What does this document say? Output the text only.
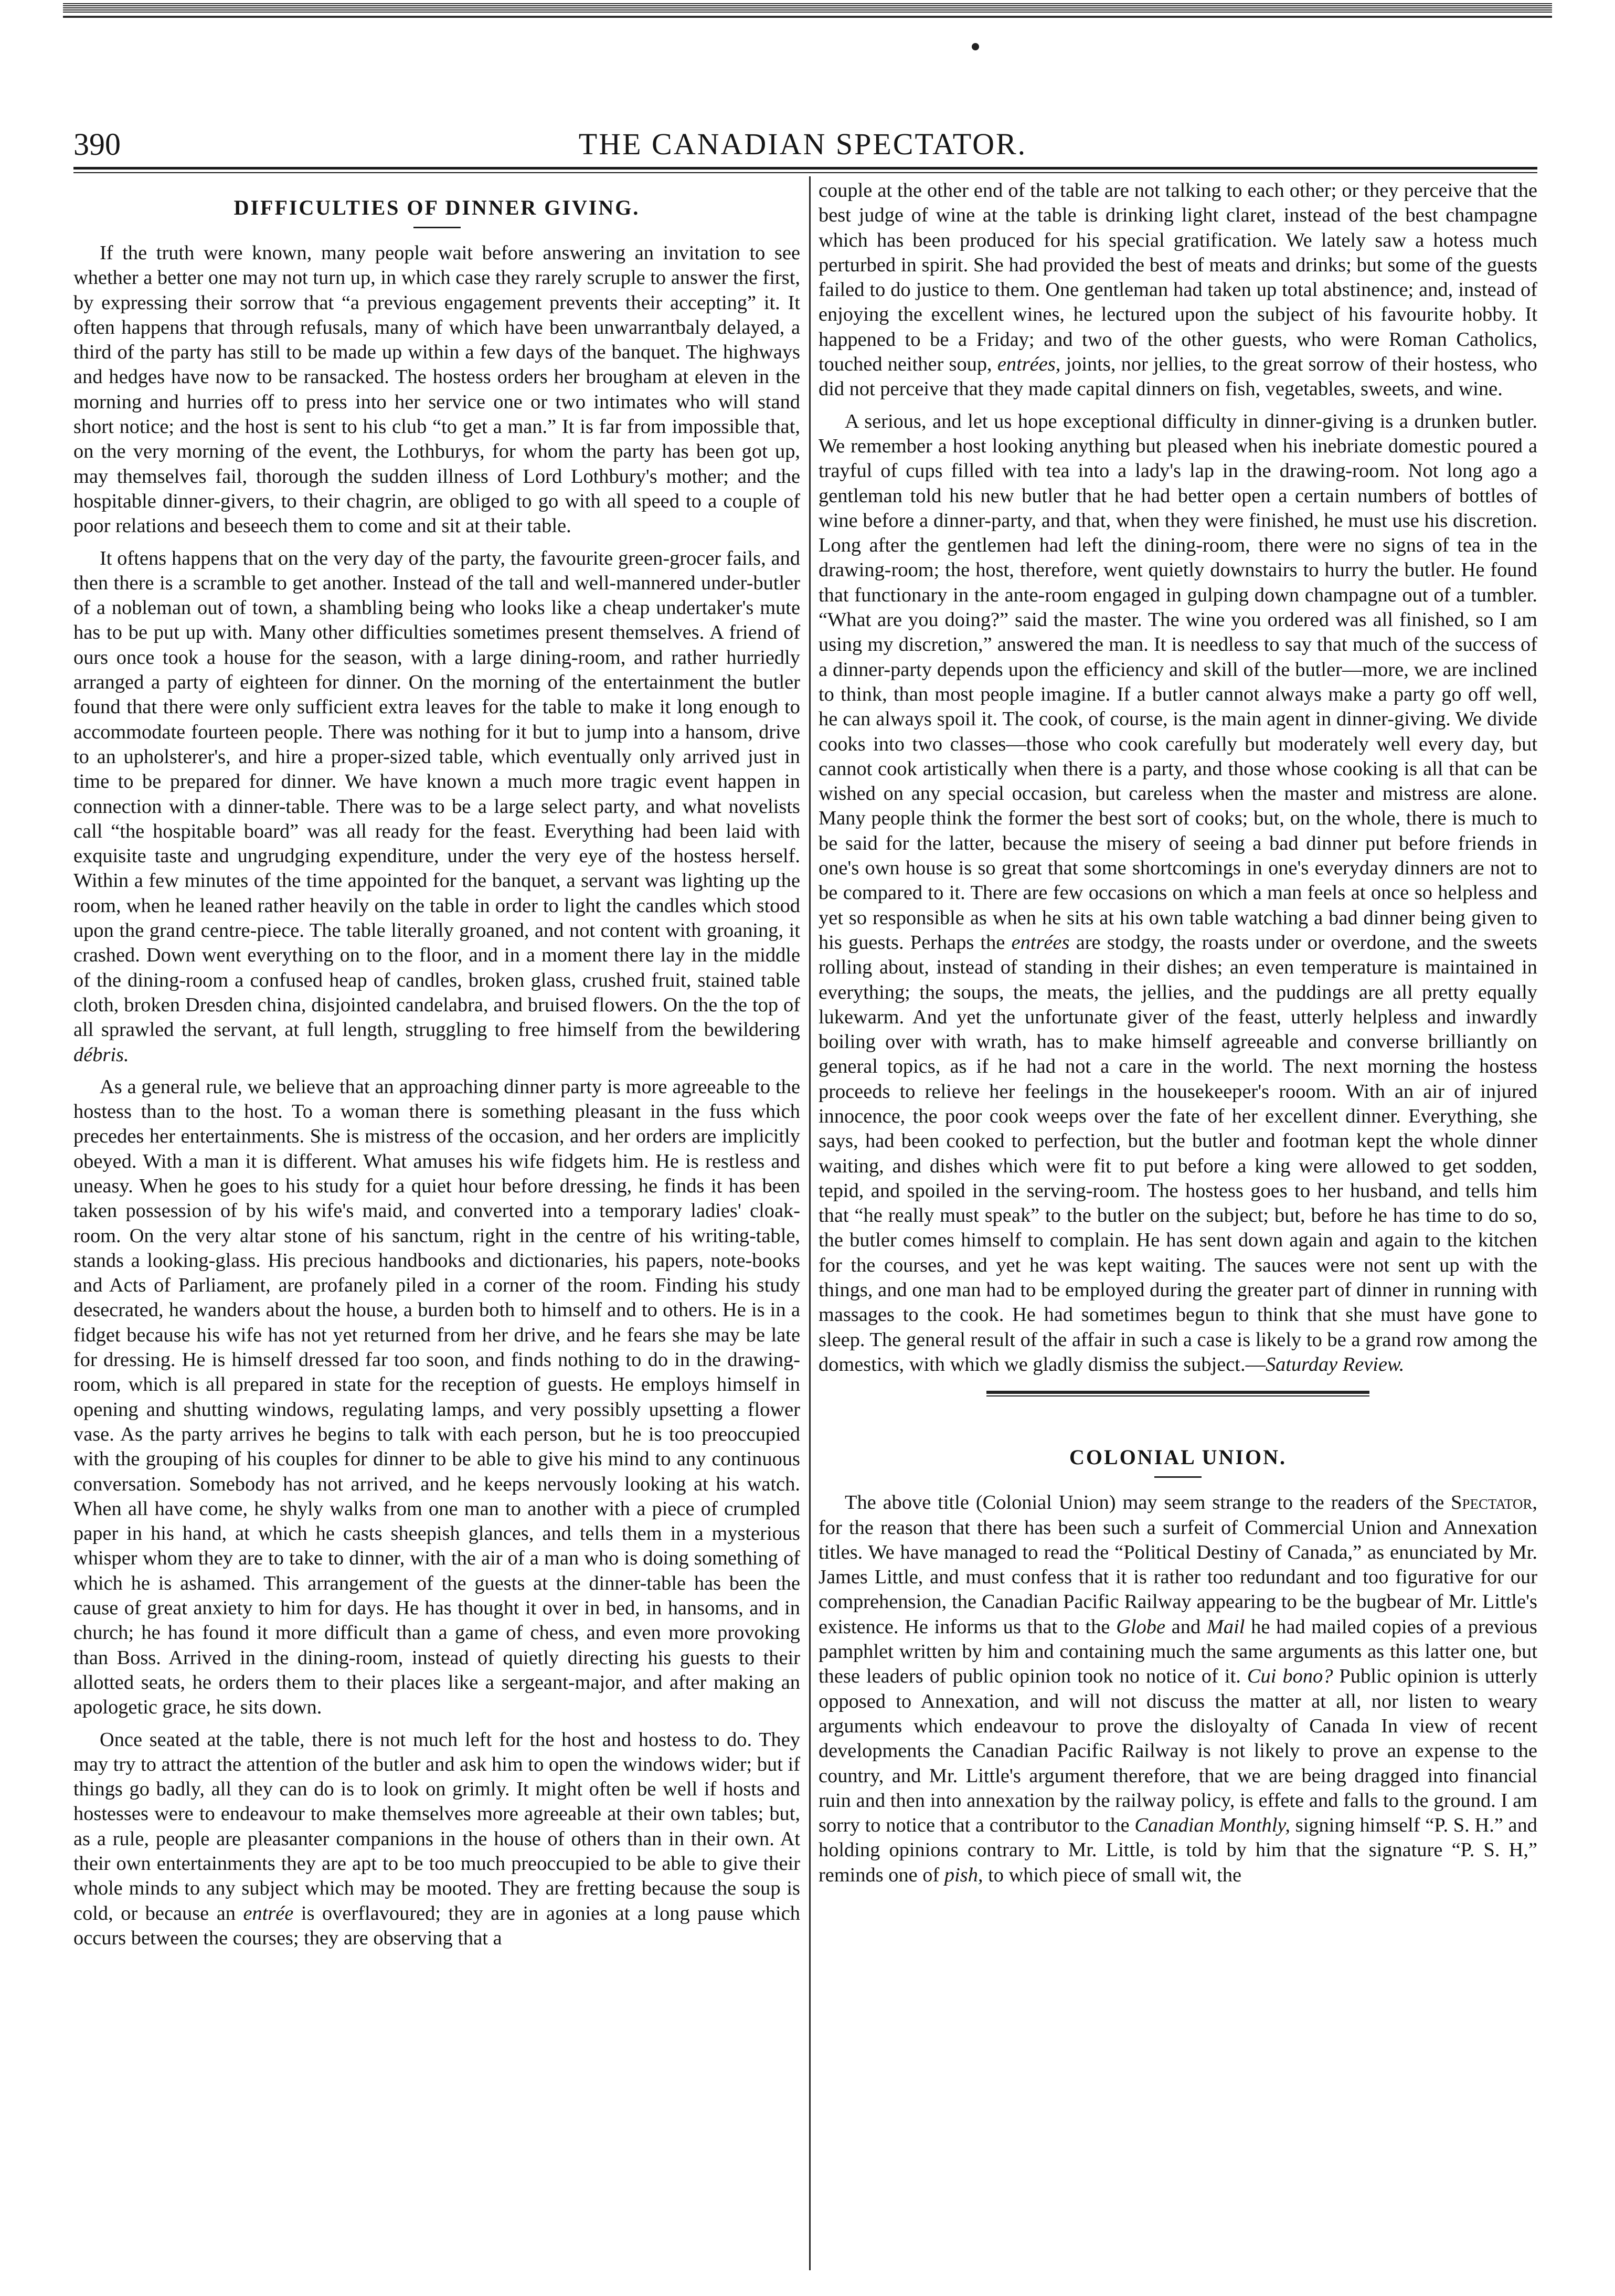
390	THE CANADIAN SPECTATOR.
DIFFICULTIES OF DINNER GIVING.

If the truth were known, many people wait before answering an invitation to see whether a better one may not turn up, in which case they rarely scruple to answer the first, by expressing their sorrow that “a previous engagement prevents their accepting” it. It often happens that through refusals, many of which have been unwarrantbaly delayed, a third of the party has still to be made up within a few days of the banquet. The highways and hedges have now to be ransacked. The hostess orders her brougham at eleven in the morning and hurries off to press into her service one or two intimates who will stand short notice; and the host is sent to his club “to get a man.” It is far from impossible that, on the very morning of the event, the Lothburys, for whom the party has been got up, may themselves fail, thorough the sudden illness of Lord Lothbury's mother; and the hospitable dinner-givers, to their chagrin, are obliged to go with all speed to a couple of poor relations and beseech them to come and sit at their table.

It oftens happens that on the very day of the party, the favourite green-grocer fails, and then there is a scramble to get another. Instead of the tall and well-mannered under-butler of a nobleman out of town, a shambling being who looks like a cheap undertaker's mute has to be put up with. Many other difficulties sometimes present themselves. A friend of ours once took a house for the season, with a large dining-room, and rather hurriedly arranged a party of eighteen for dinner. On the morning of the entertainment the butler found that there were only sufficient extra leaves for the table to make it long enough to accommodate fourteen people. There was nothing for it but to jump into a hansom, drive to an upholsterer's, and hire a proper-sized table, which eventually only arrived just in time to be prepared for dinner. We have known a much more tragic event happen in connection with a dinner-table. There was to be a large select party, and what novelists call “the hospitable board” was all ready for the feast. Everything had been laid with exquisite taste and ungrudging expenditure, under the very eye of the hostess herself. Within a few minutes of the time appointed for the banquet, a servant was lighting up the room, when he leaned rather heavily on the table in order to light the candles which stood upon the grand centre-piece. The table literally groaned, and not content with groaning, it crashed. Down went everything on to the floor, and in a moment there lay in the middle of the dining-room a confused heap of candles, broken glass, crushed fruit, stained table cloth, broken Dresden china, disjointed candelabra, and bruised flowers. On the the top of all sprawled the servant, at full length, struggling to free himself from the bewildering débris.

As a general rule, we believe that an approaching dinner party is more agreeable to the hostess than to the host. To a woman there is something pleasant in the fuss which precedes her entertainments. She is mistress of the occasion, and her orders are implicitly obeyed. With a man it is different. What amuses his wife fidgets him. He is restless and uneasy. When he goes to his study for a quiet hour before dressing, he finds it has been taken possession of by his wife's maid, and converted into a temporary ladies' cloak-room. On the very altar stone of his sanctum, right in the centre of his writing-table, stands a looking-glass. His precious handbooks and dictionaries, his papers, note-books and Acts of Parliament, are profanely piled in a corner of the room. Finding his study desecrated, he wanders about the house, a burden both to himself and to others. He is in a fidget because his wife has not yet returned from her drive, and he fears she may be late for dressing. He is himself dressed far too soon, and finds nothing to do in the drawing-room, which is all prepared in state for the reception of guests. He employs himself in opening and shutting windows, regulating lamps, and very possibly upsetting a flower vase. As the party arrives he begins to talk with each person, but he is too preoccupied with the grouping of his couples for dinner to be able to give his mind to any continuous conversation. Somebody has not arrived, and he keeps nervously looking at his watch. When all have come, he shyly walks from one man to another with a piece of crumpled paper in his hand, at which he casts sheepish glances, and tells them in a mysterious whisper whom they are to take to dinner, with the air of a man who is doing something of which he is ashamed. This arrangement of the guests at the dinner-table has been the cause of great anxiety to him for days. He has thought it over in bed, in hansoms, and in church; he has found it more difficult than a game of chess, and even more provoking than Boss. Arrived in the dining-room, instead of quietly directing his guests to their allotted seats, he orders them to their places like a sergeant-major, and after making an apologetic grace, he sits down.

Once seated at the table, there is not much left for the host and hostess to do. They may try to attract the attention of the butler and ask him to open the windows wider; but if things go badly, all they can do is to look on grimly. It might often be well if hosts and hostesses were to endeavour to make themselves more agreeable at their own tables; but, as a rule, people are pleasanter companions in the house of others than in their own. At their own entertainments they are apt to be too much preoccupied to be able to give their whole minds to any subject which may be mooted. They are fretting because the soup is cold, or because an entrée is overflavoured; they are in agonies at a long pause which occurs between the courses; they are observing that a

couple at the other end of the table are not talking to each other; or they perceive that the best judge of wine at the table is drinking light claret, instead of the best champagne which has been produced for his special gratification. We lately saw a hotess much perturbed in spirit. She had provided the best of meats and drinks; but some of the guests failed to do justice to them. One gentleman had taken up total abstinence; and, instead of enjoying the excellent wines, he lectured upon the subject of his favourite hobby. It happened to be a Friday; and two of the other guests, who were Roman Catholics, touched neither soup, entrées, joints, nor jellies, to the great sorrow of their hostess, who did not perceive that they made capital dinners on fish, vegetables, sweets, and wine.

A serious, and let us hope exceptional difficulty in dinner-giving is a drunken butler. We remember a host looking anything but pleased when his inebriate domestic poured a trayful of cups filled with tea into a lady's lap in the drawing-room. Not long ago a gentleman told his new butler that he had better open a certain numbers of bottles of wine before a dinner-party, and that, when they were finished, he must use his discretion. Long after the gentlemen had left the dining-room, there were no signs of tea in the drawing-room; the host, therefore, went quietly downstairs to hurry the butler. He found that functionary in the ante-room engaged in gulping down champagne out of a tumbler. “What are you doing?” said the master. The wine you ordered was all finished, so I am using my discretion,” answered the man. It is needless to say that much of the success of a dinner-party depends upon the efficiency and skill of the butler—more, we are inclined to think, than most people imagine. If a butler cannot always make a party go off well, he can always spoil it. The cook, of course, is the main agent in dinner-giving. We divide cooks into two classes—those who cook carefully but moderately well every day, but cannot cook artistically when there is a party, and those whose cooking is all that can be wished on any special occasion, but careless when the master and mistress are alone. Many people think the former the best sort of cooks; but, on the whole, there is much to be said for the latter, because the misery of seeing a bad dinner put before friends in one's own house is so great that some shortcomings in one's everyday dinners are not to be compared to it. There are few occasions on which a man feels at once so helpless and yet so responsible as when he sits at his own table watching a bad dinner being given to his guests. Perhaps the entrées are stodgy, the roasts under or overdone, and the sweets rolling about, instead of standing in their dishes; an even temperature is maintained in everything; the soups, the meats, the jellies, and the puddings are all pretty equally lukewarm. And yet the unfortunate giver of the feast, utterly helpless and inwardly boiling over with wrath, has to make himself agreeable and converse brilliantly on general topics, as if he had not a care in the world. The next morning the hostess proceeds to relieve her feelings in the housekeeper's rooom. With an air of injured innocence, the poor cook weeps over the fate of her excellent dinner. Everything, she says, had been cooked to perfection, but the butler and footman kept the whole dinner waiting, and dishes which were fit to put before a king were allowed to get sodden, tepid, and spoiled in the serving-room. The hostess goes to her husband, and tells him that “he really must speak” to the butler on the subject; but, before he has time to do so, the butler comes himself to complain. He has sent down again and again to the kitchen for the courses, and yet he was kept waiting. The sauces were not sent up with the things, and one man had to be employed during the greater part of dinner in running with massages to the cook. He had sometimes begun to think that she must have gone to sleep. The general result of the affair in such a case is likely to be a grand row among the domestics, with which we gladly dismiss the subject.—Saturday Review.

COLONIAL UNION.

The above title (Colonial Union) may seem strange to the readers of the Spectator, for the reason that there has been such a surfeit of Commercial Union and Annexation titles. We have managed to read the “Political Destiny of Canada,” as enunciated by Mr. James Little, and must confess that it is rather too redundant and too figurative for our comprehension, the Canadian Pacific Railway appearing to be the bugbear of Mr. Little's existence. He informs us that to the Globe and Mail he had mailed copies of a previous pamphlet written by him and containing much the same arguments as this latter one, but these leaders of public opinion took no notice of it. Cui bono? Public opinion is utterly opposed to Annexation, and will not discuss the matter at all, nor listen to weary arguments which endeavour to prove the disloyalty of Canada In view of recent developments the Canadian Pacific Railway is not likely to prove an expense to the country, and Mr. Little's argument therefore, that we are being dragged into financial ruin and then into annexation by the railway policy, is effete and falls to the ground. I am sorry to notice that a contributor to the Canadian Monthly, signing himself “P. S. H.” and holding opinions contrary to Mr. Little, is told by him that the signature “P. S. H,” reminds one of pish, to which piece of small wit, the
